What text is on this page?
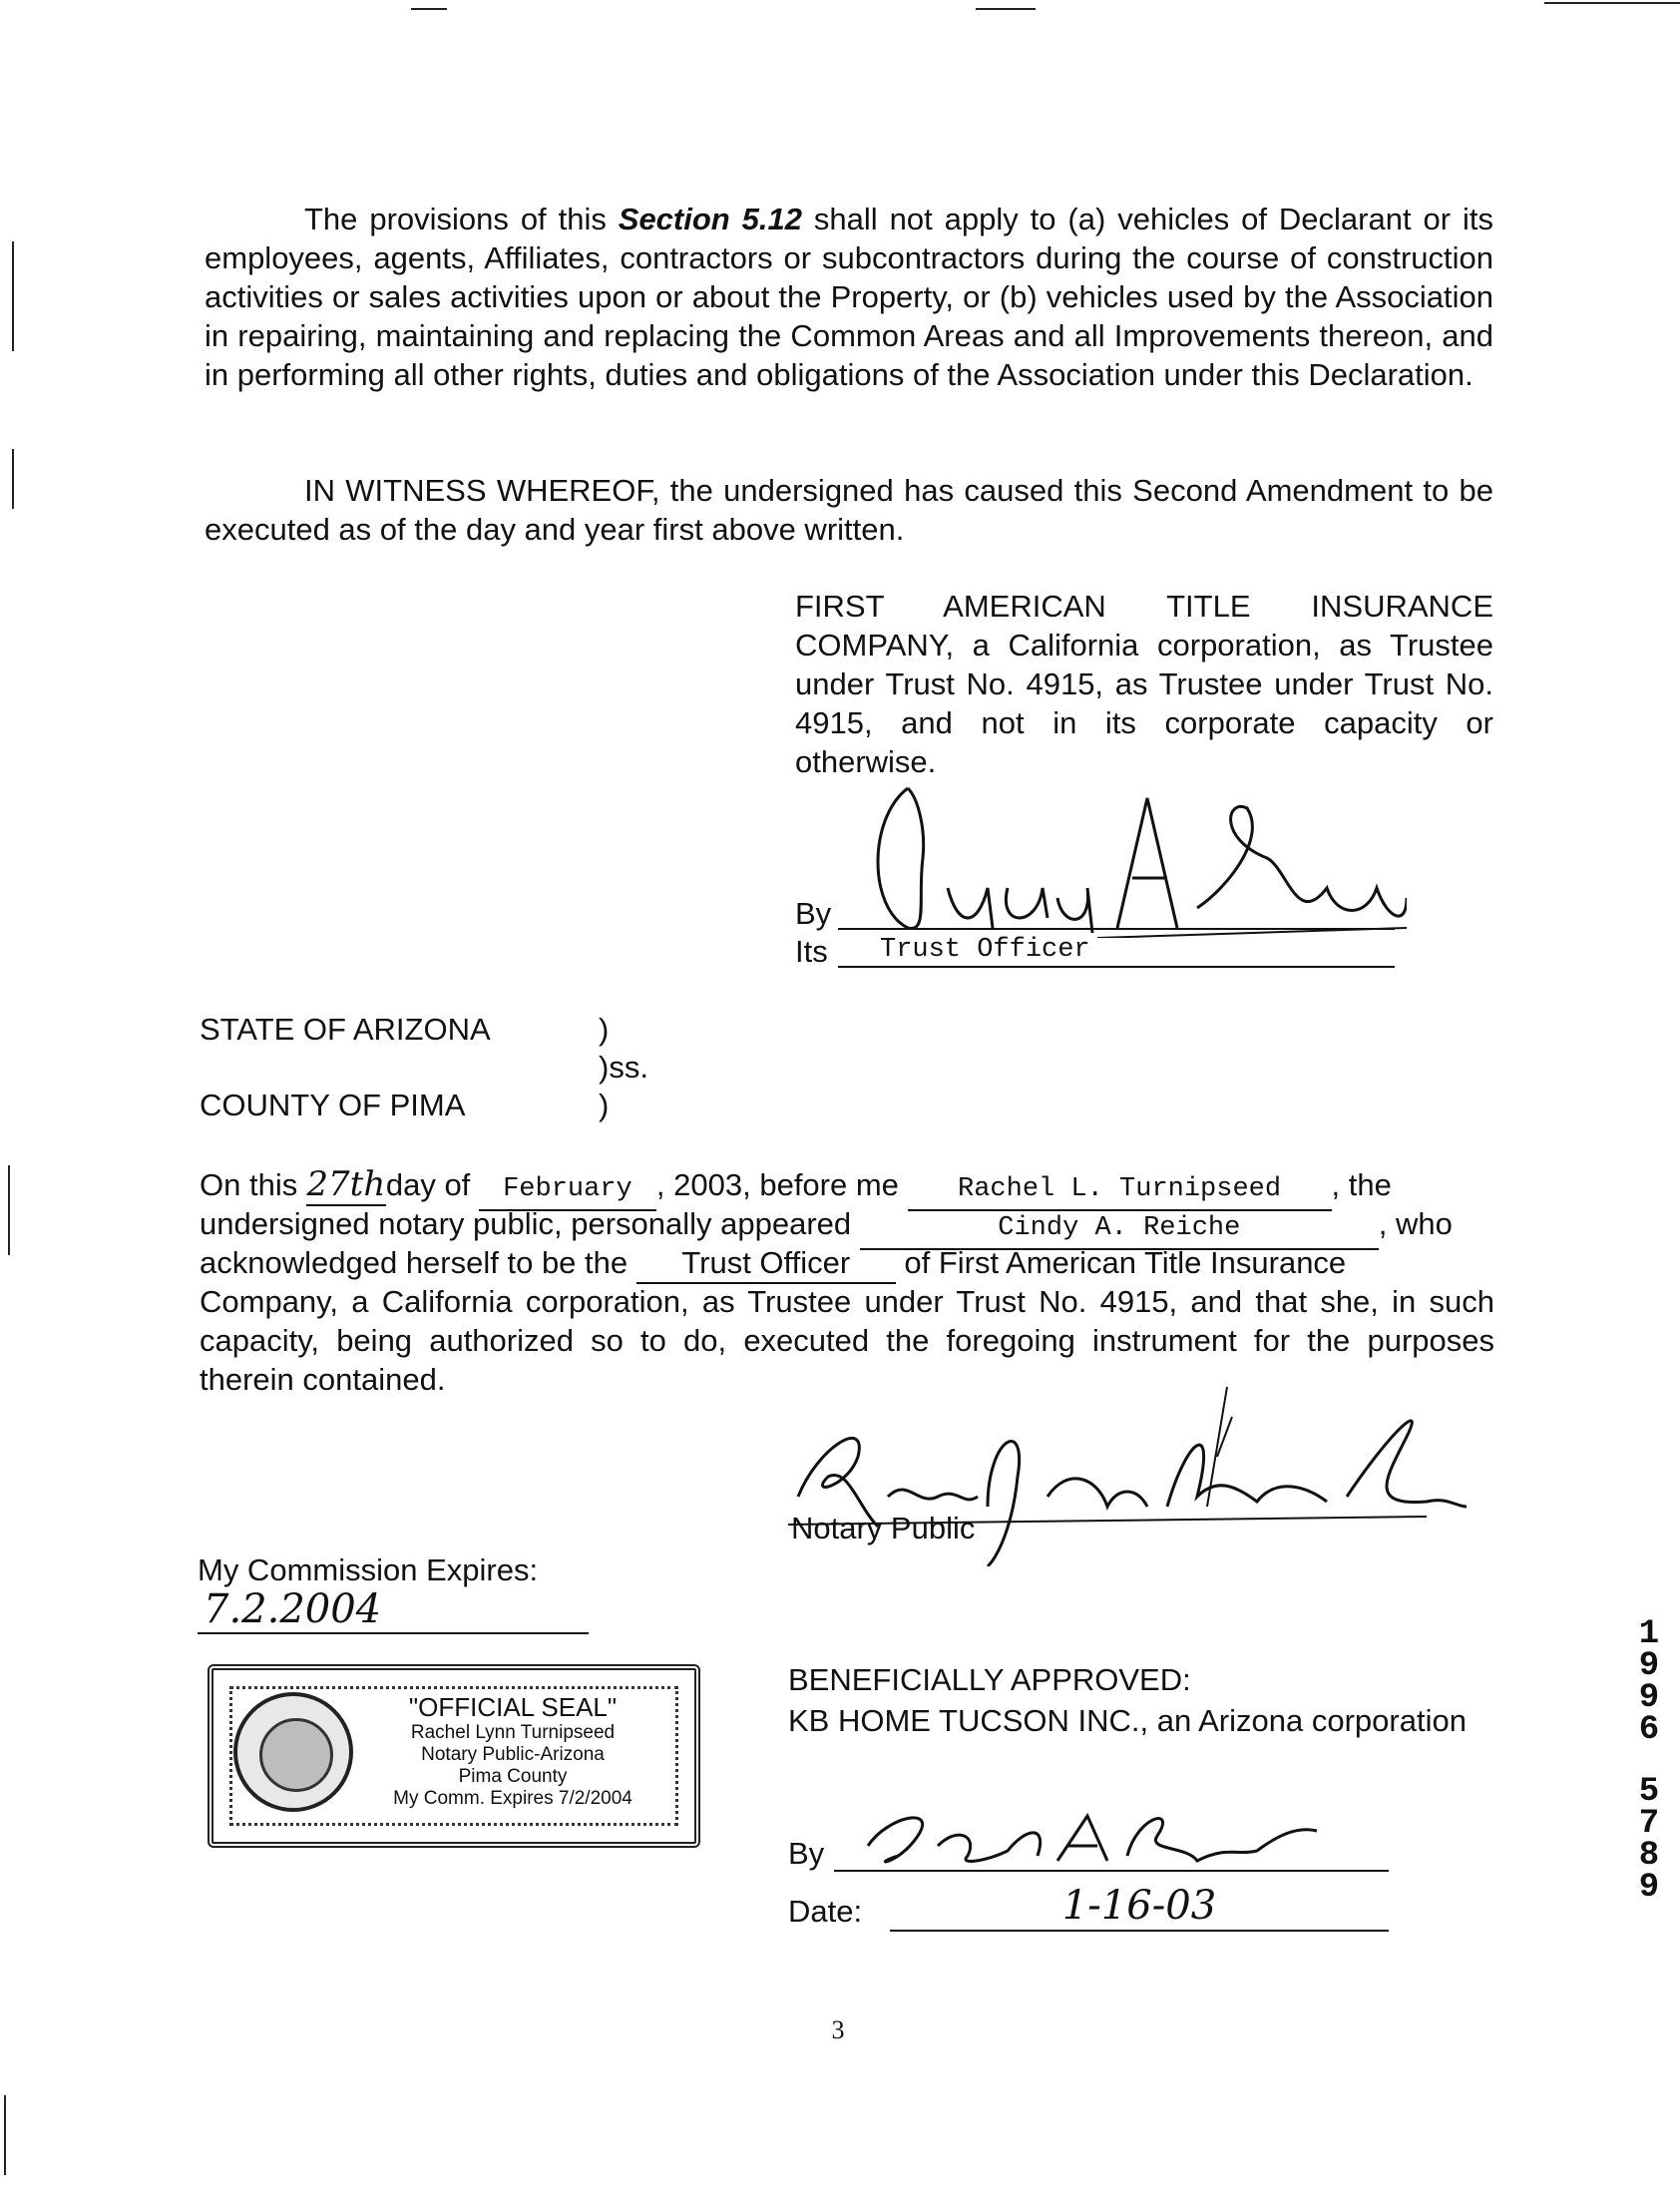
The provisions of this Section 5.12 shall not apply to (a) vehicles of Declarant or its employees, agents, Affiliates, contractors or subcontractors during the course of construction activities or sales activities upon or about the Property, or (b) vehicles used by the Association in repairing, maintaining and replacing the Common Areas and all Improvements thereon, and in performing all other rights, duties and obligations of the Association under this Declaration.
IN WITNESS WHEREOF, the undersigned has caused this Second Amendment to be executed as of the day and year first above written.
FIRST AMERICAN TITLE INSURANCE COMPANY, a California corporation, as Trustee under Trust No. 4915, as Trustee under Trust No. 4915, and not in its corporate capacity or otherwise.
By
Its	Trust Officer
STATE OF ARIZONA	)
)ss.
COUNTY OF PIMA	)
On this 27thday of February , 2003, before me Rachel L. Turnipseed , the
undersigned notary public, personally appeared	Cindy A. Reiche	, who
acknowledged herself to be the Trust Officer of First American Title Insurance
Company, a California corporation, as Trustee under Trust No. 4915, and that she, in such capacity, being authorized so to do, executed the foregoing instrument for the purposes therein contained.
Notary Public
My Commission Expires:
7.2.2004
"OFFICIAL SEAL"
Rachel Lynn Turnipseed
Notary Public-Arizona
Pima County
My Comm. Expires 7/2/2004
BENEFICIALLY APPROVED:
KB HOME TUCSON INC., an Arizona corporation
By
Date:	1-16-03
3
1
9
9
6
5
7
8
9
